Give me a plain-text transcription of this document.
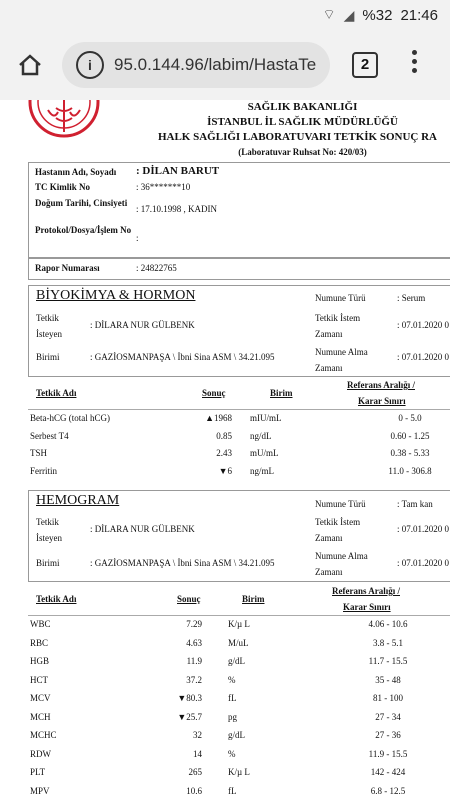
⌔ ◢ %32 21:46
i	95.0.144.96/labim/HastaTe	2
SAĞLIK BAKANLIĞI
İSTANBUL İL SAĞLIK MÜDÜRLÜĞÜ
HALK SAĞLIĞI LABORATUVARI TETKİK SONUÇ RA
(Laboratuvar Ruhsat No: 420/03)
Hastanın Adı, Soyadı : DİLAN BARUT
TC Kimlik No	: 36*******10
Doğum Tarihi, Cinsiyeti
: 17.10.1998 , KADIN
Protokol/Dosya/İşlem No
:
Rapor Numarası	: 24822765
BİYOKİMYA & HORMON	Numune Türü	: Serum
Tetkik İsteyen
: DİLARA NUR GÜLBENK
Tetkik İstem Zamanı
: 07.01.2020 0
Birimi	: GAZİOSMANPAŞA \ İbni Sina ASM \ 34.21.095	Numune Alma Zamanı
: 07.01.2020 0
Tetkik Adı	Sonuç	Birim
Referans Aralığı /
Karar Sınırı
Beta-hCG (total hCG)	▲1968 mIU/mL	0 - 5.0
Serbest T4	0.85 ng/dL	0.60 - 1.25
TSH	2.43 mU/mL	0.38 - 5.33
Ferritin	▼6 ng/mL	11.0 - 306.8
HEMOGRAM	Numune Türü	: Tam kan
Tetkik İsteyen
: DİLARA NUR GÜLBENK
Tetkik İstem Zamanı
: 07.01.2020 0
Birimi	: GAZİOSMANPAŞA \ İbni Sina ASM \ 34.21.095
Numune Alma Zamanı
: 07.01.2020 0
Tetkik Adı	Sonuç	Birim
Referans Aralığı /
Karar Sınırı
WBC	7.29	K/µ L	4.06 - 10.6
RBC	4.63	M/uL	3.8 - 5.1
HGB	11.9	g/dL	11.7 - 15.5
HCT	37.2	%	35 - 48
MCV	▼80.3	fL	81 - 100
MCH	▼25.7	pg	27 - 34
MCHC	32	g/dL	27 - 36
RDW	14	%	11.9 - 15.5
PLT	265	K/µ L	142 - 424
MPV	10.6	fL	6.8 - 12.5
